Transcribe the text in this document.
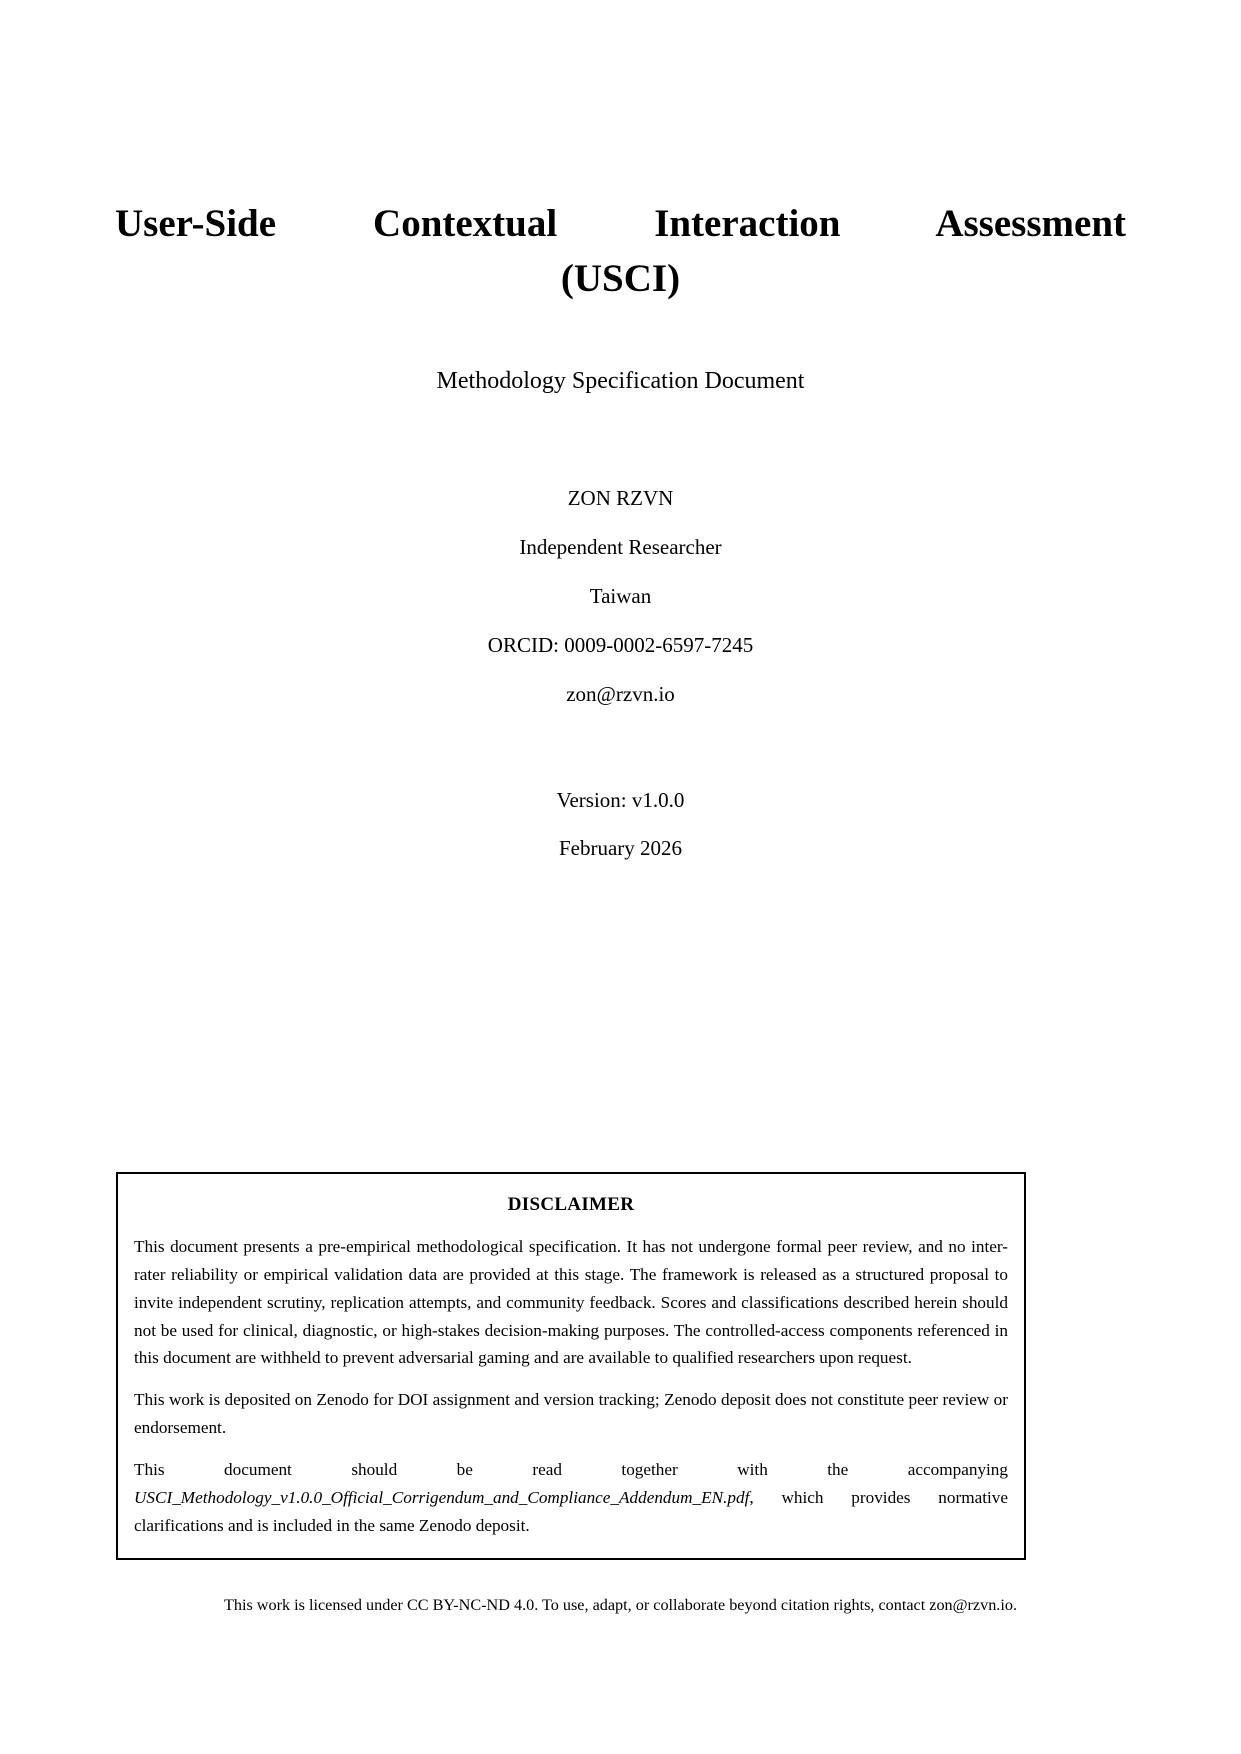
User-Side Contextual Interaction Assessment
(USCI)
Methodology Specification Document
ZON RZVN
Independent Researcher
Taiwan
ORCID: 0009-0002-6597-7245
zon@rzvn.io
Version: v1.0.0
February 2026
DISCLAIMER

This document presents a pre-empirical methodological specification. It has not undergone formal peer review, and no inter-rater reliability or empirical validation data are provided at this stage. The framework is released as a structured proposal to invite independent scrutiny, replication attempts, and community feedback. Scores and classifications described herein should not be used for clinical, diagnostic, or high-stakes decision-making purposes. The controlled-access components referenced in this document are withheld to prevent adversarial gaming and are available to qualified researchers upon request.

This work is deposited on Zenodo for DOI assignment and version tracking; Zenodo deposit does not constitute peer review or endorsement.

This document should be read together with the accompanying USCI_Methodology_v1.0.0_Official_Corrigendum_and_Compliance_Addendum_EN.pdf, which provides normative clarifications and is included in the same Zenodo deposit.

This work is licensed under CC BY-NC-ND 4.0. To use, adapt, or collaborate beyond citation rights, contact zon@rzvn.io.
